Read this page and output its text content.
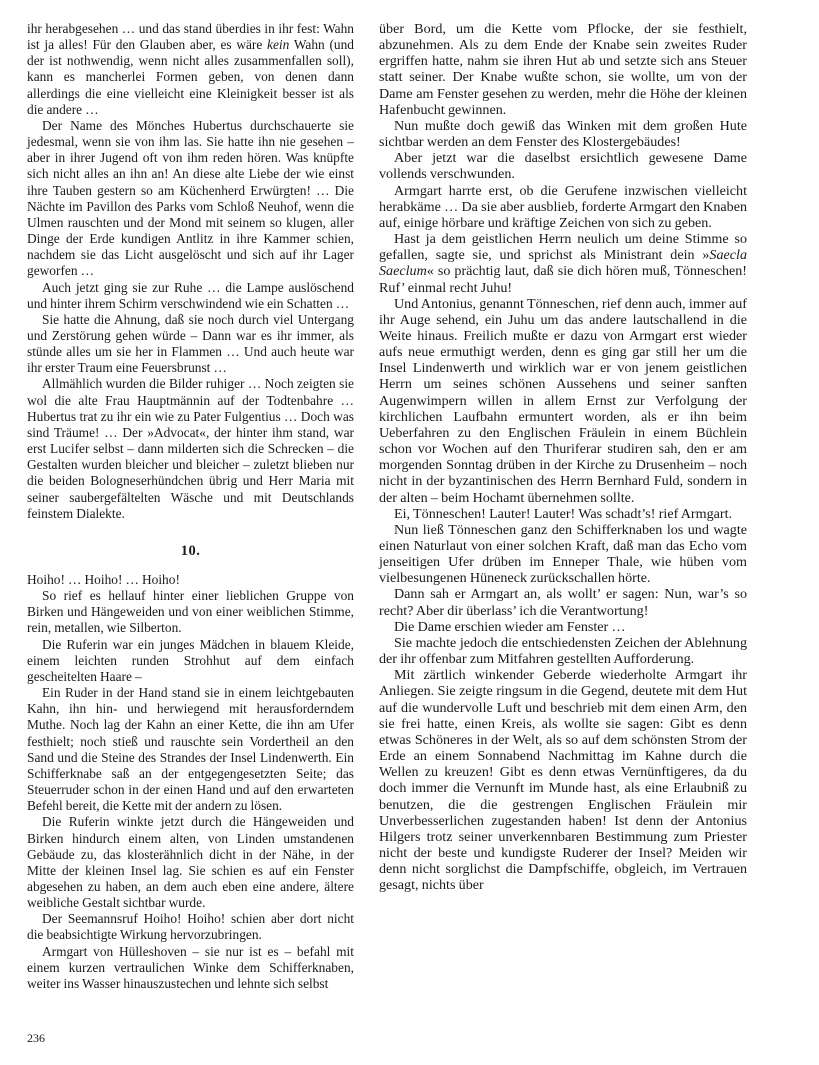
ihr herabgesehen … und das stand überdies in ihr fest: Wahn ist ja alles! Für den Glauben aber, es wäre kein Wahn (und der ist nothwendig, wenn nicht alles zusammenfallen soll), kann es mancherlei Formen geben, von denen dann allerdings die eine vielleicht eine Kleinigkeit besser ist als die andere …

Der Name des Mönches Hubertus durchschauerte sie jedesmal, wenn sie von ihm las. Sie hatte ihn nie gesehen – aber in ihrer Jugend oft von ihm reden hören. Was knüpfte sich nicht alles an ihn an! An diese alte Liebe der wie einst ihre Tauben gestern so am Küchenherd Erwürgten! … Die Nächte im Pavillon des Parks vom Schloß Neuhof, wenn die Ulmen rauschten und der Mond mit seinem so klugen, aller Dinge der Erde kundigen Antlitz in ihre Kammer schien, nachdem sie das Licht ausgelöscht und sich auf ihr Lager geworfen …

Auch jetzt ging sie zur Ruhe … die Lampe auslöschend und hinter ihrem Schirm verschwindend wie ein Schatten …

Sie hatte die Ahnung, daß sie noch durch viel Untergang und Zerstörung gehen würde – Dann war es ihr immer, als stünde alles um sie her in Flammen … Und auch heute war ihr erster Traum eine Feuersbrunst …

Allmählich wurden die Bilder ruhiger … Noch zeigten sie wol die alte Frau Hauptmännin auf der Todtenbahre … Hubertus trat zu ihr ein wie zu Pater Fulgentius … Doch was sind Träume! … Der »Advocat«, der hinter ihm stand, war erst Lucifer selbst – dann milderten sich die Schrecken – die Gestalten wurden bleicher und bleicher – zuletzt blieben nur die beiden Bologneserhündchen übrig und Herr Maria mit seiner saubergefältelten Wäsche und mit Deutschlands feinstem Dialekte.

10.

Hoiho! … Hoiho! … Hoiho!

So rief es hellauf hinter einer lieblichen Gruppe von Birken und Hängeweiden und von einer weiblichen Stimme, rein, metallen, wie Silberton.

Die Ruferin war ein junges Mädchen in blauem Kleide, einem leichten runden Strohhut auf dem einfach gescheitelten Haare –

Ein Ruder in der Hand stand sie in einem leichtgebauten Kahn, ihn hin- und herwiegend mit herausforderndem Muthe. Noch lag der Kahn an einer Kette, die ihn am Ufer festhielt; noch stieß und rauschte sein Vordertheil an den Sand und die Steine des Strandes der Insel Lindenwerth. Ein Schifferknabe saß an der entgegengesetzten Seite; das Steuerruder schon in der einen Hand und auf den erwarteten Befehl bereit, die Kette mit der andern zu lösen.

Die Ruferin winkte jetzt durch die Hängeweiden und Birken hindurch einem alten, von Linden umstandenen Gebäude zu, das klosterähnlich dicht in der Nähe, in der Mitte der kleinen Insel lag. Sie schien es auf ein Fenster abgesehen zu haben, an dem auch eben eine andere, ältere weibliche Gestalt sichtbar wurde.

Der Seemannsruf Hoiho! Hoiho! schien aber dort nicht die beabsichtigte Wirkung hervorzubringen.

Armgart von Hülleshoven – sie nur ist es – befahl mit einem kurzen vertraulichen Winke dem Schifferknaben, weiter ins Wasser hinauszustechen und lehnte sich selbst

über Bord, um die Kette vom Pflocke, der sie festhielt, abzunehmen. Als zu dem Ende der Knabe sein zweites Ruder ergriffen hatte, nahm sie ihren Hut ab und setzte sich ans Steuer statt seiner. Der Knabe wußte schon, sie wollte, um von der Dame am Fenster gesehen zu werden, mehr die Höhe der kleinen Hafenbucht gewinnen.

Nun mußte doch gewiß das Winken mit dem großen Hute sichtbar werden an dem Fenster des Klostergebäudes!

Aber jetzt war die daselbst ersichtlich gewesene Dame vollends verschwunden.

Armgart harrte erst, ob die Gerufene inzwischen vielleicht herabkäme … Da sie aber ausblieb, forderte Armgart den Knaben auf, einige hörbare und kräftige Zeichen von sich zu geben.

Hast ja dem geistlichen Herrn neulich um deine Stimme so gefallen, sagte sie, und sprichst als Ministrant dein »Saecla Saeclum« so prächtig laut, daß sie dich hören muß, Tönneschen! Ruf’ einmal recht Juhu!

Und Antonius, genannt Tönneschen, rief denn auch, immer auf ihr Auge sehend, ein Juhu um das andere lautschallend in die Weite hinaus. Freilich mußte er dazu von Armgart erst wieder aufs neue ermuthigt werden, denn es ging gar still her um die Insel Lindenwerth und wirklich war er von jenem geistlichen Herrn um seines schönen Aussehens und seiner sanften Augenwimpern willen in allem Ernst zur Verfolgung der kirchlichen Laufbahn ermuntert worden, als er ihn beim Ueberfahren zu den Englischen Fräulein in einem Büchlein schon vor Wochen auf den Thuriferar studiren sah, den er am morgenden Sonntag drüben in der Kirche zu Drusenheim – noch nicht in der byzantinischen des Herrn Bernhard Fuld, sondern in der alten – beim Hochamt übernehmen sollte.

Ei, Tönneschen! Lauter! Lauter! Was schadt’s! rief Armgart.

Nun ließ Tönneschen ganz den Schifferknaben los und wagte einen Naturlaut von einer solchen Kraft, daß man das Echo vom jenseitigen Ufer drüben im Enneper Thale, wie hüben vom vielbesungenen Hüneneck zurückschallen hörte.

Dann sah er Armgart an, als wollt’ er sagen: Nun, war’s so recht? Aber dir überlass’ ich die Verantwortung!

Die Dame erschien wieder am Fenster …

Sie machte jedoch die entschiedensten Zeichen der Ablehnung der ihr offenbar zum Mitfahren gestellten Aufforderung.

Mit zärtlich winkender Geberde wiederholte Armgart ihr Anliegen. Sie zeigte ringsum in die Gegend, deutete mit dem Hut auf die wundervolle Luft und beschrieb mit dem einen Arm, den sie frei hatte, einen Kreis, als wollte sie sagen: Gibt es denn etwas Schöneres in der Welt, als so auf dem schönsten Strom der Erde an einem Sonnabend Nachmittag im Kahne durch die Wellen zu kreuzen! Gibt es denn etwas Vernünftigeres, da du doch immer die Vernunft im Munde hast, als eine Erlaubniß zu benutzen, die die gestrengen Englischen Fräulein mir Unverbesserlichen zugestanden haben! Ist denn der Antonius Hilgers trotz seiner unverkennbaren Bestimmung zum Priester nicht der beste und kundigste Ruderer der Insel? Meiden wir denn nicht sorglichst die Dampfschiffe, obgleich, im Vertrauen gesagt, nichts über

236
